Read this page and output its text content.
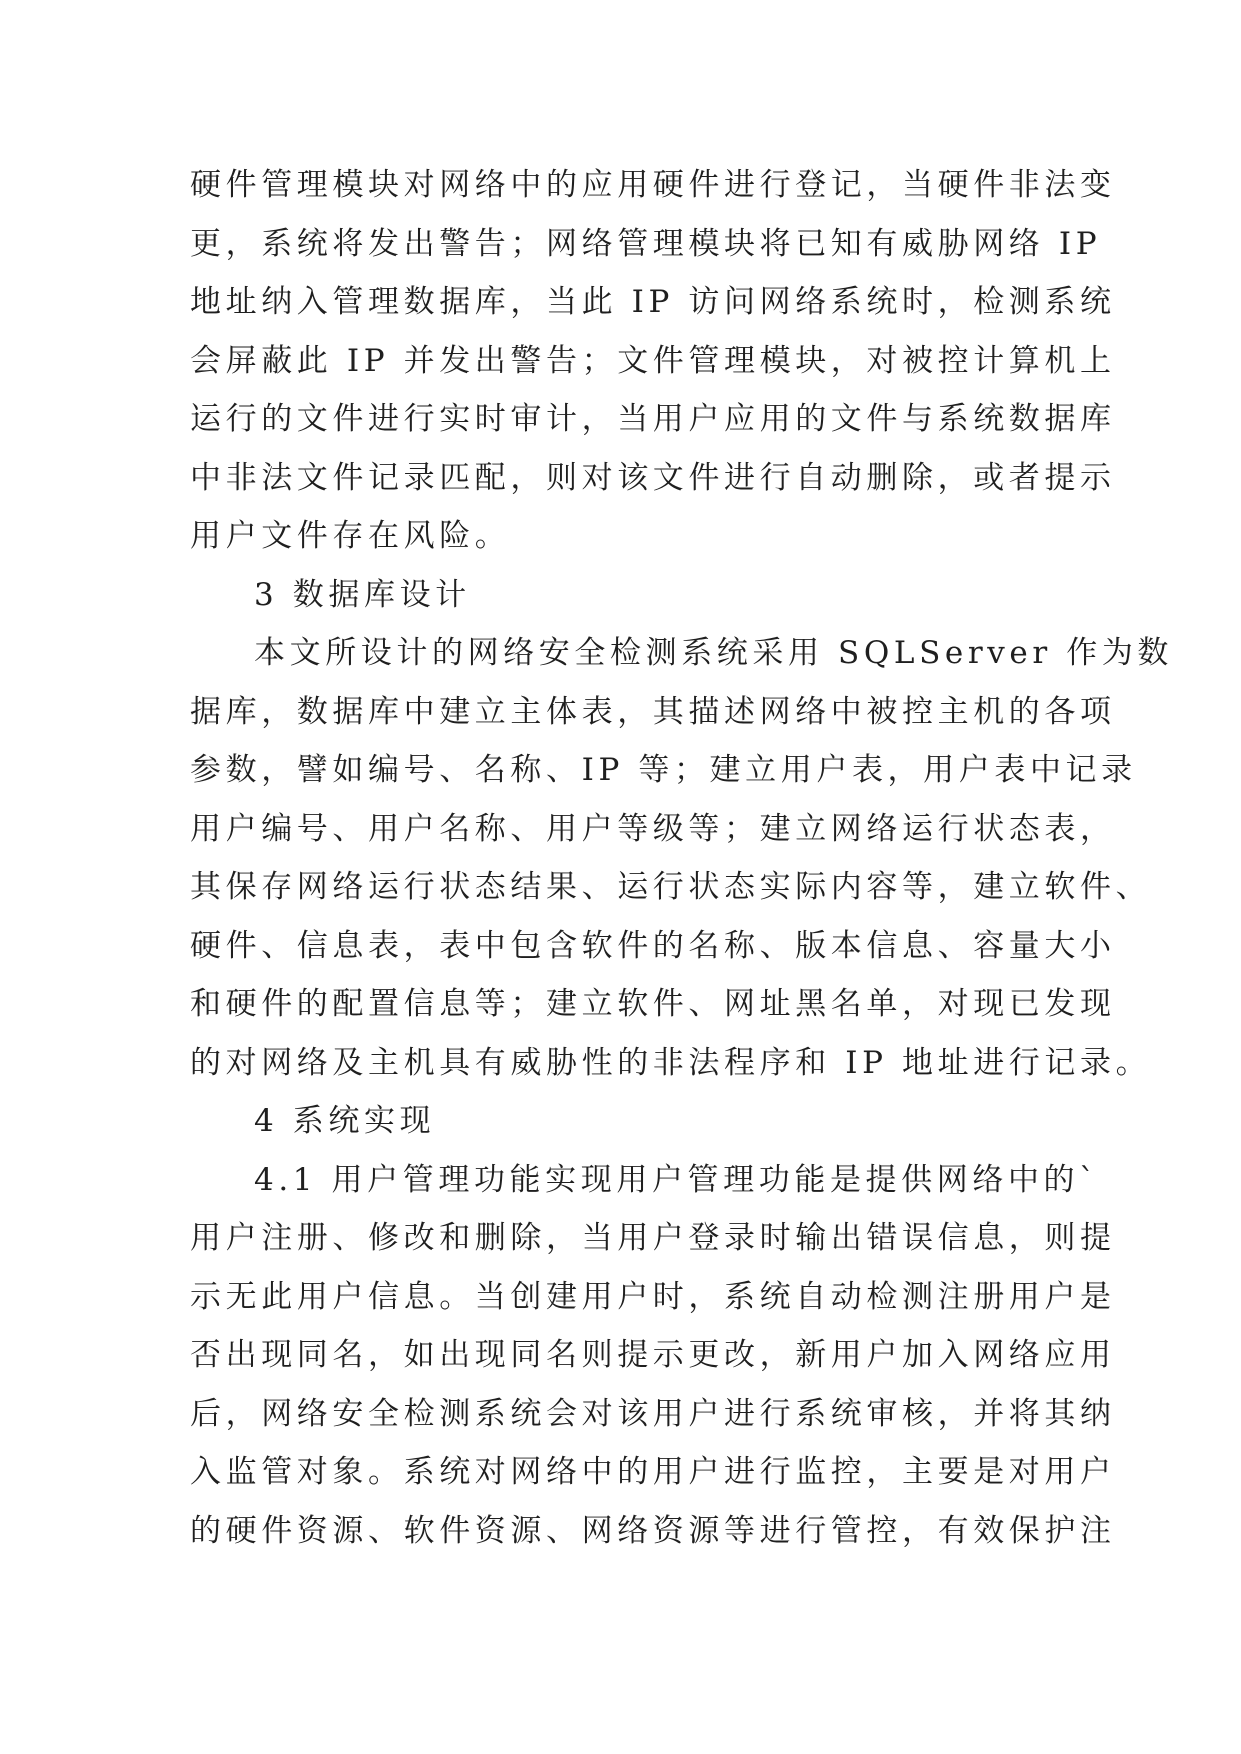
硬件管理模块对网络中的应用硬件进行登记，当硬件非法变
更，系统将发出警告；网络管理模块将已知有威胁网络 IP
地址纳入管理数据库，当此 IP 访问网络系统时，检测系统
会屏蔽此 IP 并发出警告；文件管理模块，对被控计算机上
运行的文件进行实时审计，当用户应用的文件与系统数据库
中非法文件记录匹配，则对该文件进行自动删除，或者提示
用户文件存在风险。
3 数据库设计
本文所设计的网络安全检测系统采用 SQLServer 作为数
据库，数据库中建立主体表，其描述网络中被控主机的各项
参数，譬如编号、名称、IP 等；建立用户表，用户表中记录
用户编号、用户名称、用户等级等；建立网络运行状态表，
其保存网络运行状态结果、运行状态实际内容等，建立软件、
硬件、信息表，表中包含软件的名称、版本信息、容量大小
和硬件的配置信息等；建立软件、网址黑名单，对现已发现
的对网络及主机具有威胁性的非法程序和 IP 地址进行记录。
4 系统实现
4.1 用户管理功能实现用户管理功能是提供网络中的`
用户注册、修改和删除，当用户登录时输出错误信息，则提
示无此用户信息。当创建用户时，系统自动检测注册用户是
否出现同名，如出现同名则提示更改，新用户加入网络应用
后，网络安全检测系统会对该用户进行系统审核，并将其纳
入监管对象。系统对网络中的用户进行监控，主要是对用户
的硬件资源、软件资源、网络资源等进行管控，有效保护注
